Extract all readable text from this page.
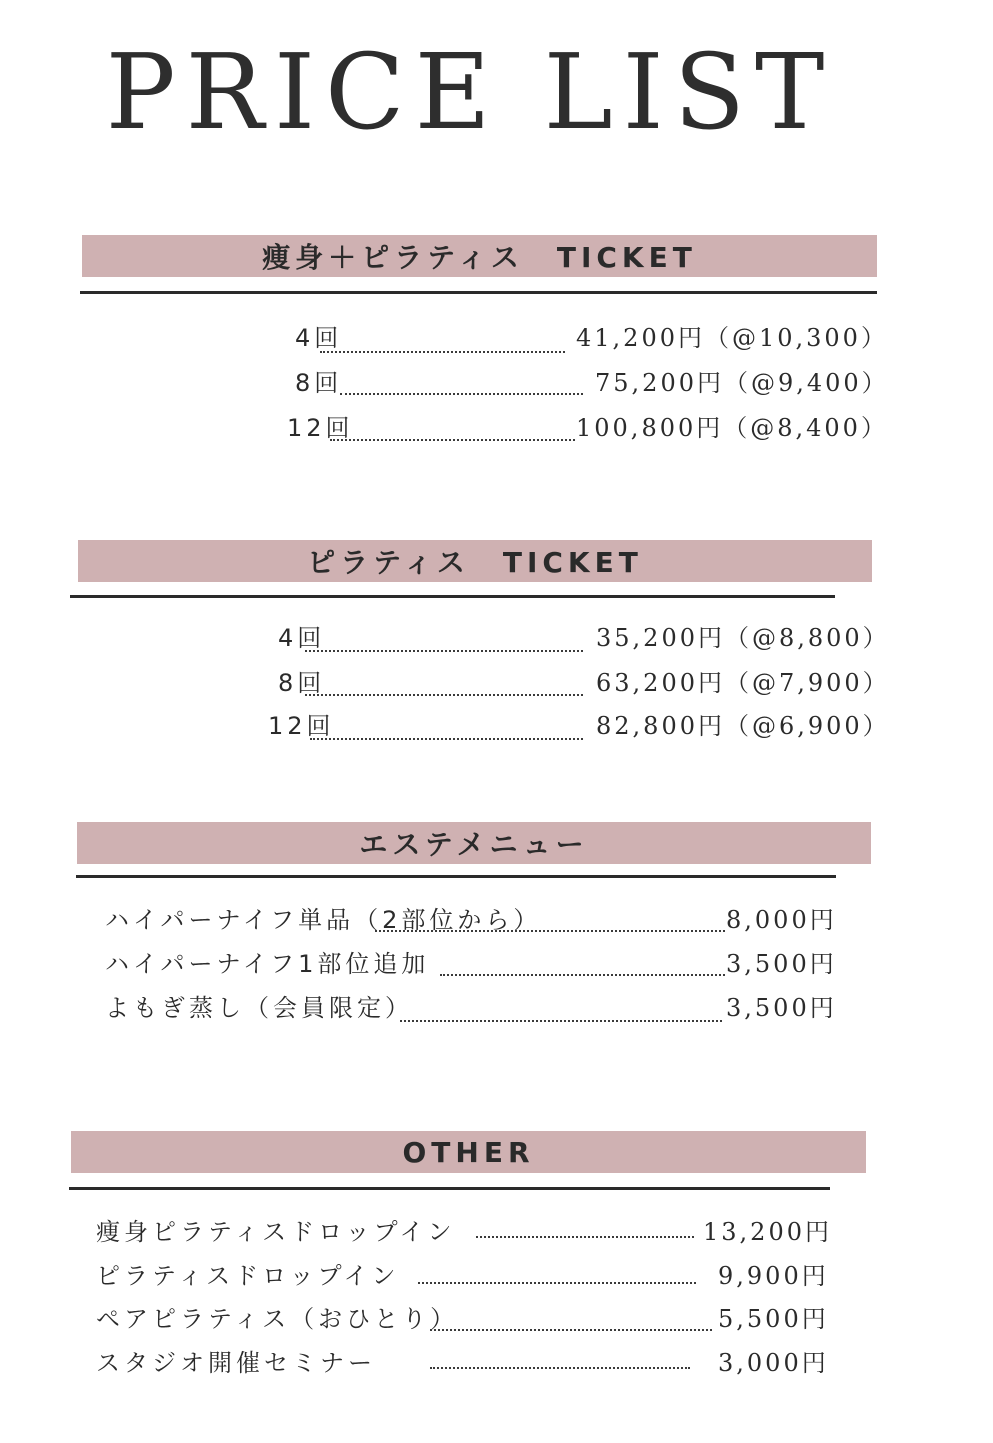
PRICE LIST
痩身＋ピラティス　TICKET
4回	41,200円（@10,300）
8回	75,200円（@9,400）
12回	100,800円（@8,400）
ピラティス　TICKET
4回	35,200円（@8,800）
8回	63,200円（@7,900）
12回	82,800円（@6,900）
エステメニュー
ハイパーナイフ単品（2部位から）	8,000円
ハイパーナイフ1部位追加	3,500円
よもぎ蒸し（会員限定）	3,500円
OTHER
痩身ピラティスドロップイン	13,200円
ピラティスドロップイン	9,900円
ペアピラティス（おひとり）	5,500円
スタジオ開催セミナー	3,000円
